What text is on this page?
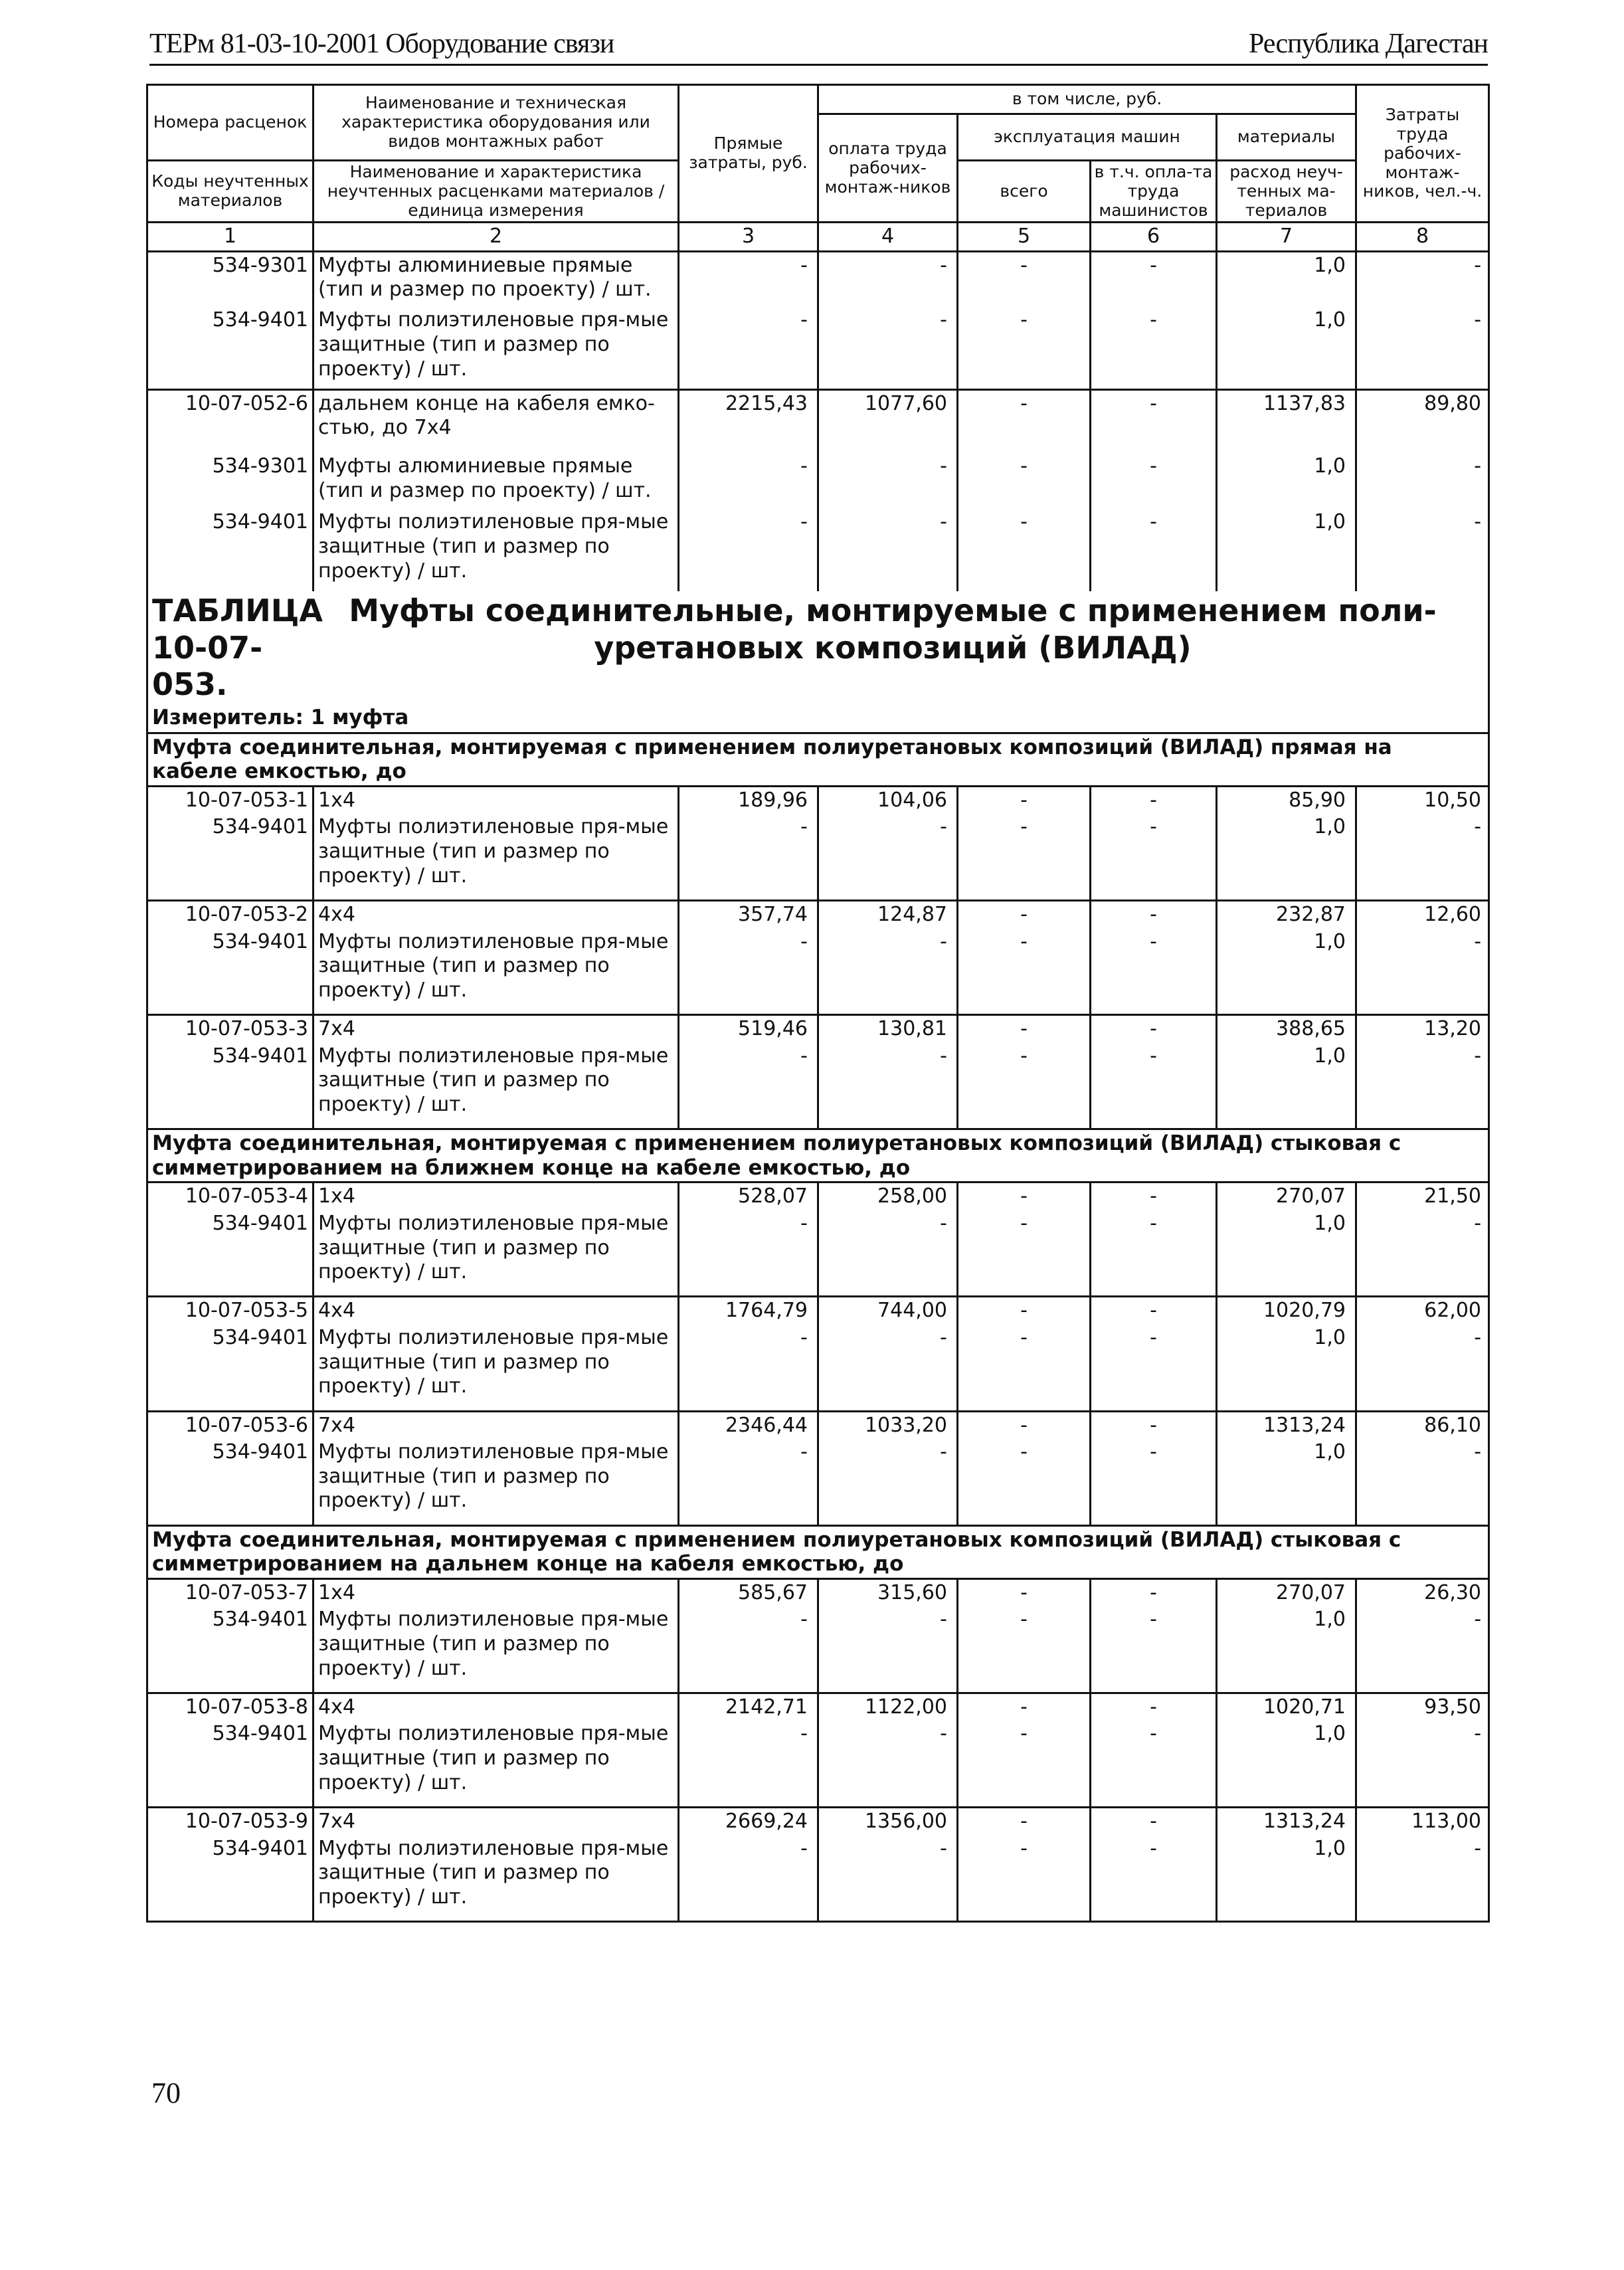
ТЕРм 81-03-10-2001 Оборудование связи	Республика Дагестан
Номера расценок	Наименование и техническая характеристика оборудования или видов монтажных работ	Прямые затраты, руб.	в том числе, руб.				Затраты труда рабочих-монтаж-ников, чел.-ч.
			оплата труда рабочих-монтаж-ников	эксплуатация машин		материалы	
Коды неучтенных материалов	Наименование и характеристика неучтенных расценками материалов / единица измерения			всего	в т.ч. опла-та труда машинистов	расход неуч-тенных ма-териалов	

1	2	3	4	5	6	7	8
534-9301	Муфты алюминиевые прямые (тип и размер по проекту) / шт.	-	-	-	-	1,0	-
534-9401	Муфты полиэтиленовые пря-мые защитные (тип и размер по проекту) / шт.	-	-	-	-	1,0	-
10-07-052-6	дальнем конце на кабеля емко-стью, до 7х4	2215,43	1077,60	-	-	1137,83	89,80
534-9301	Муфты алюминиевые прямые (тип и размер по проекту) / шт.	-	-	-	-	1,0	-
534-9401	Муфты полиэтиленовые пря-мые защитные (тип и размер по проекту) / шт.	-	-	-	-	1,0	-
ТАБЛИЦА 10-07-053.Муфты соединительные, монтируемые с применением поли-уретановых композиций (ВИЛАД)							
Измеритель: 1 муфта							
Муфта соединительная, монтируемая с применением полиуретановых композиций (ВИЛАД) прямая на кабеле емкостью, до							
10-07-053-1	1х4	189,96	104,06	-	-	85,90	10,50
534-9401	Муфты полиэтиленовые пря-мые защитные (тип и размер по проекту) / шт.	-	-	-	-	1,0	-
10-07-053-2	4х4	357,74	124,87	-	-	232,87	12,60
534-9401	Муфты полиэтиленовые пря-мые защитные (тип и размер по проекту) / шт.	-	-	-	-	1,0	-
10-07-053-3	7х4	519,46	130,81	-	-	388,65	13,20
534-9401	Муфты полиэтиленовые пря-мые защитные (тип и размер по проекту) / шт.	-	-	-	-	1,0	-
Муфта соединительная, монтируемая с применением полиуретановых композиций (ВИЛАД) стыковая с симметрированием на ближнем конце на кабеле емкостью, до							
10-07-053-4	1х4	528,07	258,00	-	-	270,07	21,50
534-9401	Муфты полиэтиленовые пря-мые защитные (тип и размер по проекту) / шт.	-	-	-	-	1,0	-
10-07-053-5	4х4	1764,79	744,00	-	-	1020,79	62,00
534-9401	Муфты полиэтиленовые пря-мые защитные (тип и размер по проекту) / шт.	-	-	-	-	1,0	-
10-07-053-6	7х4	2346,44	1033,20	-	-	1313,24	86,10
534-9401	Муфты полиэтиленовые пря-мые защитные (тип и размер по проекту) / шт.	-	-	-	-	1,0	-
Муфта соединительная, монтируемая с применением полиуретановых композиций (ВИЛАД) стыковая с симметрированием на дальнем конце на кабеля емкостью, до							
10-07-053-7	1х4	585,67	315,60	-	-	270,07	26,30
534-9401	Муфты полиэтиленовые пря-мые защитные (тип и размер по проекту) / шт.	-	-	-	-	1,0	-
10-07-053-8	4х4	2142,71	1122,00	-	-	1020,71	93,50
534-9401	Муфты полиэтиленовые пря-мые защитные (тип и размер по проекту) / шт.	-	-	-	-	1,0	-
10-07-053-9	7х4	2669,24	1356,00	-	-	1313,24	113,00
534-9401	Муфты полиэтиленовые пря-мые защитные (тип и размер по проекту) / шт.	-	-	-	-	1,0	-
70
